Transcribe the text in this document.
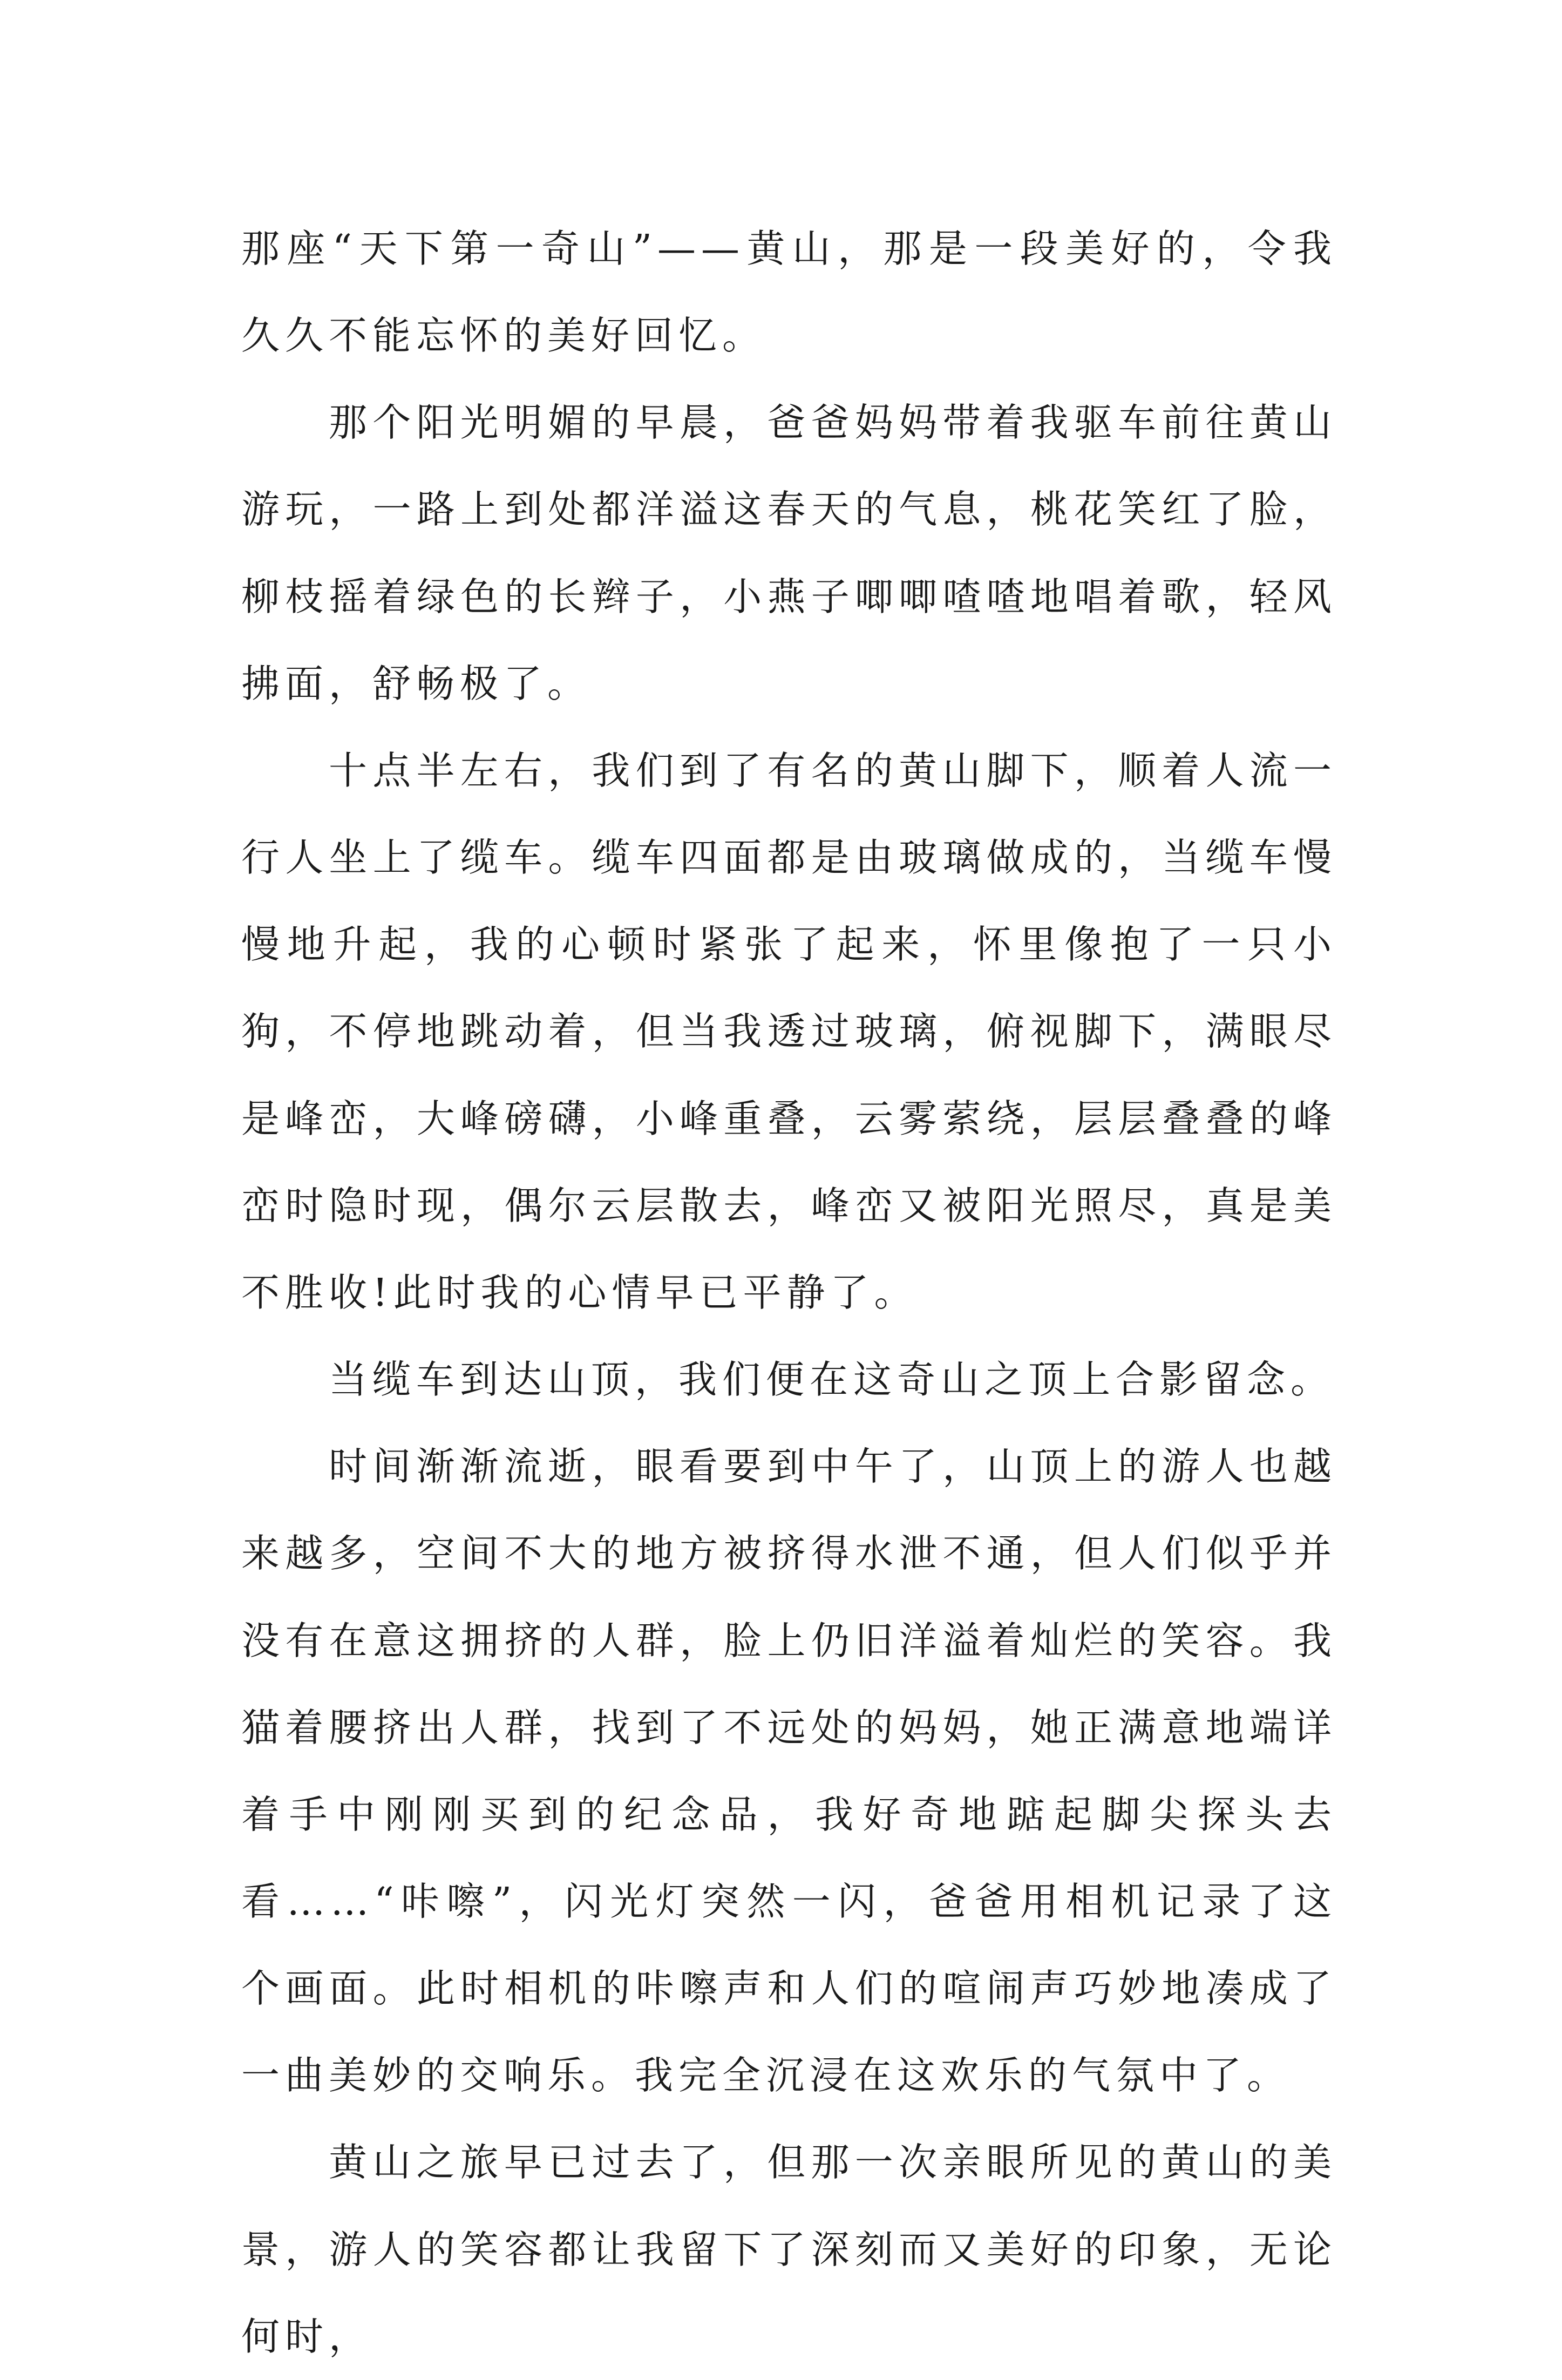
那座“天下第一奇山”——黄山，那是一段美好的，令我久久不能忘怀的美好回忆。

那个阳光明媚的早晨，爸爸妈妈带着我驱车前往黄山游玩，一路上到处都洋溢这春天的气息，桃花笑红了脸，柳枝摇着绿色的长辫子，小燕子唧唧喳喳地唱着歌，轻风拂面，舒畅极了。

十点半左右，我们到了有名的黄山脚下，顺着人流一行人坐上了缆车。缆车四面都是由玻璃做成的，当缆车慢慢地升起，我的心顿时紧张了起来，怀里像抱了一只小狗，不停地跳动着，但当我透过玻璃，俯视脚下，满眼尽是峰峦，大峰磅礴，小峰重叠，云雾萦绕，层层叠叠的峰峦时隐时现，偶尔云层散去，峰峦又被阳光照尽，真是美不胜收!此时我的心情早已平静了。

当缆车到达山顶，我们便在这奇山之顶上合影留念。

时间渐渐流逝，眼看要到中午了，山顶上的游人也越来越多，空间不大的地方被挤得水泄不通，但人们似乎并没有在意这拥挤的人群，脸上仍旧洋溢着灿烂的笑容。我猫着腰挤出人群，找到了不远处的妈妈，她正满意地端详着手中刚刚买到的纪念品，我好奇地踮起脚尖探头去看……“咔嚓”，闪光灯突然一闪，爸爸用相机记录了这个画面。此时相机的咔嚓声和人们的喧闹声巧妙地凑成了一曲美妙的交响乐。我完全沉浸在这欢乐的气氛中了。

黄山之旅早已过去了，但那一次亲眼所见的黄山的美景，游人的笑容都让我留下了深刻而又美好的印象，无论何时，
